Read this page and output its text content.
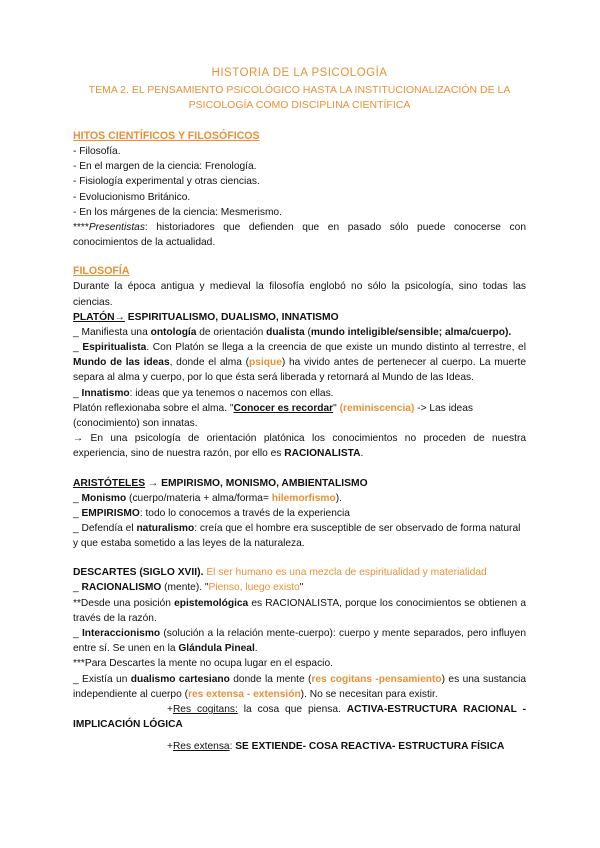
HISTORIA DE LA PSICOLOGÍA
TEMA 2. EL PENSAMIENTO PSICOLÓGICO HASTA LA INSTITUCIONALIZACIÓN DE LA
PSICOLOGÍA COMO DISCIPLINA CIENTÍFICA
HITOS CIENTÍFICOS Y FILOSÓFICOS

- Filosofía.

- En el margen de la ciencia: Frenología.

- Fisiología experimental y otras ciencias.

- Evolucionismo Británico.

- En los márgenes de la ciencia: Mesmerismo.

****Presentistas: historiadores que defienden que en pasado sólo puede conocerse con conocimientos de la actualidad.

FILOSOFÍA

Durante la época antigua y medieval la filosofía englobó no sólo la psicología, sino todas las ciencias.

PLATÓN→ ESPIRITUALISMO, DUALISMO, INNATISMO

_ Manifiesta una ontología de orientación dualista (mundo inteligible/sensible; alma/cuerpo).

_ Espiritualista. Con Platón se llega a la creencia de que existe un mundo distinto al terrestre, el Mundo de las ideas, donde el alma (psique) ha vivido antes de pertenecer al cuerpo. La muerte separa al alma y cuerpo, por lo que ésta será liberada y retornará al Mundo de las Ideas.

_ Innatismo: ideas que ya tenemos o nacemos con ellas.

Platón reflexionaba sobre el alma. "Conocer es recordar" (reminiscencia) -> Las ideas (conocimiento) son innatas.

→ En una psicología de orientación platónica los conocimientos no proceden de nuestra experiencia, sino de nuestra razón, por ello es RACIONALISTA.

ARISTÓTELES → EMPIRISMO, MONISMO, AMBIENTALISMO

_ Monismo (cuerpo/materia + alma/forma= hilemorfismo).

_ EMPIRISMO: todo lo conocemos a través de la experiencia

_ Defendía el naturalismo: creía que el hombre era susceptible de ser observado de forma natural y que estaba sometido a las leyes de la naturaleza.

DESCARTES (SIGLO XVII). El ser humano es una mezcla de espiritualidad y materialidad

_ RACIONALISMO (mente). "Pienso, luego existo"

**Desde una posición epistemológica es RACIONALISTA, porque los conocimientos se obtienen a través de la razón.

_ Interaccionismo (solución a la relación mente-cuerpo): cuerpo y mente separados, pero influyen entre sí. Se unen en la Glándula Pineal.

***Para Descartes la mente no ocupa lugar en el espacio.

_ Existía un dualismo cartesiano donde la mente (res cogitans -pensamiento) es una sustancia independiente al cuerpo (res extensa - extensión). No se necesitan para existir.

+Res cogitans: la cosa que piensa. ACTIVA-ESTRUCTURA RACIONAL -IMPLICACIÓN LÓGICA

+Res extensa: SE EXTIENDE- COSA REACTIVA- ESTRUCTURA FÍSICA
